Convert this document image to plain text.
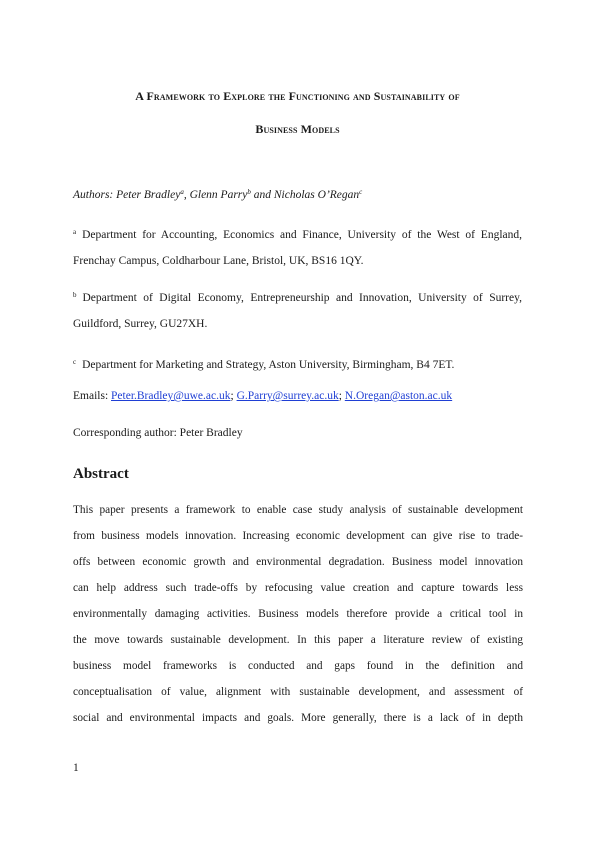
A Framework to Explore the Functioning and Sustainability of
Business Models
Authors: Peter Bradley$^a$, Glenn Parry$^b$ and Nicholas O’Regan$^c$
$^a$ Department for Accounting, Economics and Finance, University of the West of England, Frenchay Campus, Coldharbour Lane, Bristol, UK, BS16 1QY.
$^b$ Department of Digital Economy, Entrepreneurship and Innovation, University of Surrey, Guildford, Surrey, GU27XH.
$^c$ Department for Marketing and Strategy, Aston University, Birmingham, B4 7ET.
Emails: Peter.Bradley@uwe.ac.uk; G.Parry@surrey.ac.uk; N.Oregan@aston.ac.uk
Corresponding author: Peter Bradley
Abstract
This paper presents a framework to enable case study analysis of sustainable development
from business models innovation. Increasing economic development can give rise to trade-
offs between economic growth and environmental degradation. Business model innovation
can help address such trade-offs by refocusing value creation and capture towards less
environmentally damaging activities. Business models therefore provide a critical tool in
the move towards sustainable development. In this paper a literature review of existing
business model frameworks is conducted and gaps found in the definition and
conceptualisation of value, alignment with sustainable development, and assessment of
social and environmental impacts and goals. More generally, there is a lack of in depth
1
